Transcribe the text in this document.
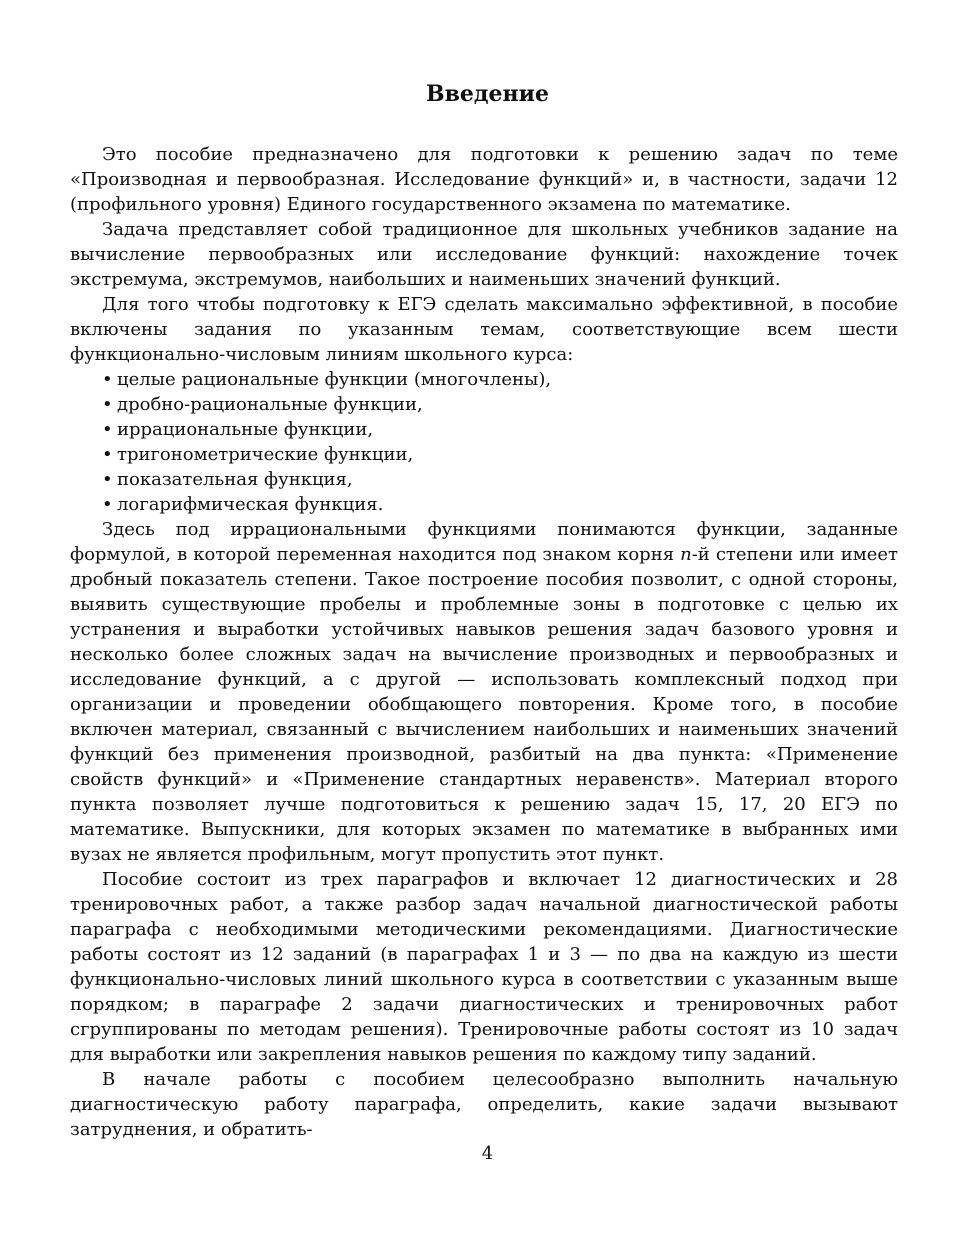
Введение

Это пособие предназначено для подготовки к решению задач по теме «Производная и первообразная. Исследование функций» и, в частности, задачи 12 (профильного уровня) Единого государственного экзамена по математике.

Задача представляет собой традиционное для школьных учебников задание на вычисление первообразных или исследование функций: нахождение точек экстремума, экстремумов, наибольших и наименьших значений функций.

Для того чтобы подготовку к ЕГЭ сделать максимально эффективной, в пособие включены задания по указанным темам, соответствующие всем шести функционально-числовым линиям школьного курса:

• целые рациональные функции (многочлены),
• дробно-рациональные функции,
• иррациональные функции,
• тригонометрические функции,
• показательная функция,
• логарифмическая функция.

Здесь под иррациональными функциями понимаются функции, заданные формулой, в которой переменная находится под знаком корня n-й степени или имеет дробный показатель степени. Такое построение пособия позволит, с одной стороны, выявить существующие пробелы и проблемные зоны в подготовке с целью их устранения и выработки устойчивых навыков решения задач базового уровня и несколько более сложных задач на вычисление производных и первообразных и исследование функций, а с другой — использовать комплексный подход при организации и проведении обобщающего повторения. Кроме того, в пособие включен материал, связанный с вычислением наибольших и наименьших значений функций без применения производной, разбитый на два пункта: «Применение свойств функций» и «Применение стандартных неравенств». Материал второго пункта позволяет лучше подготовиться к решению задач 15, 17, 20 ЕГЭ по математике. Выпускники, для которых экзамен по математике в выбранных ими вузах не является профильным, могут пропустить этот пункт.

Пособие состоит из трех параграфов и включает 12 диагностических и 28 тренировочных работ, а также разбор задач начальной диагностической работы параграфа с необходимыми методическими рекомендациями. Диагностические работы состоят из 12 заданий (в параграфах 1 и 3 — по два на каждую из шести функционально-числовых линий школьного курса в соответствии с указанным выше порядком; в параграфе 2 задачи диагностических и тренировочных работ сгруппированы по методам решения). Тренировочные работы состоят из 10 задач для выработки или закрепления навыков решения по каждому типу заданий.

В начале работы с пособием целесообразно выполнить начальную диагностическую работу параграфа, определить, какие задачи вызывают затруднения, и обратить-

4
